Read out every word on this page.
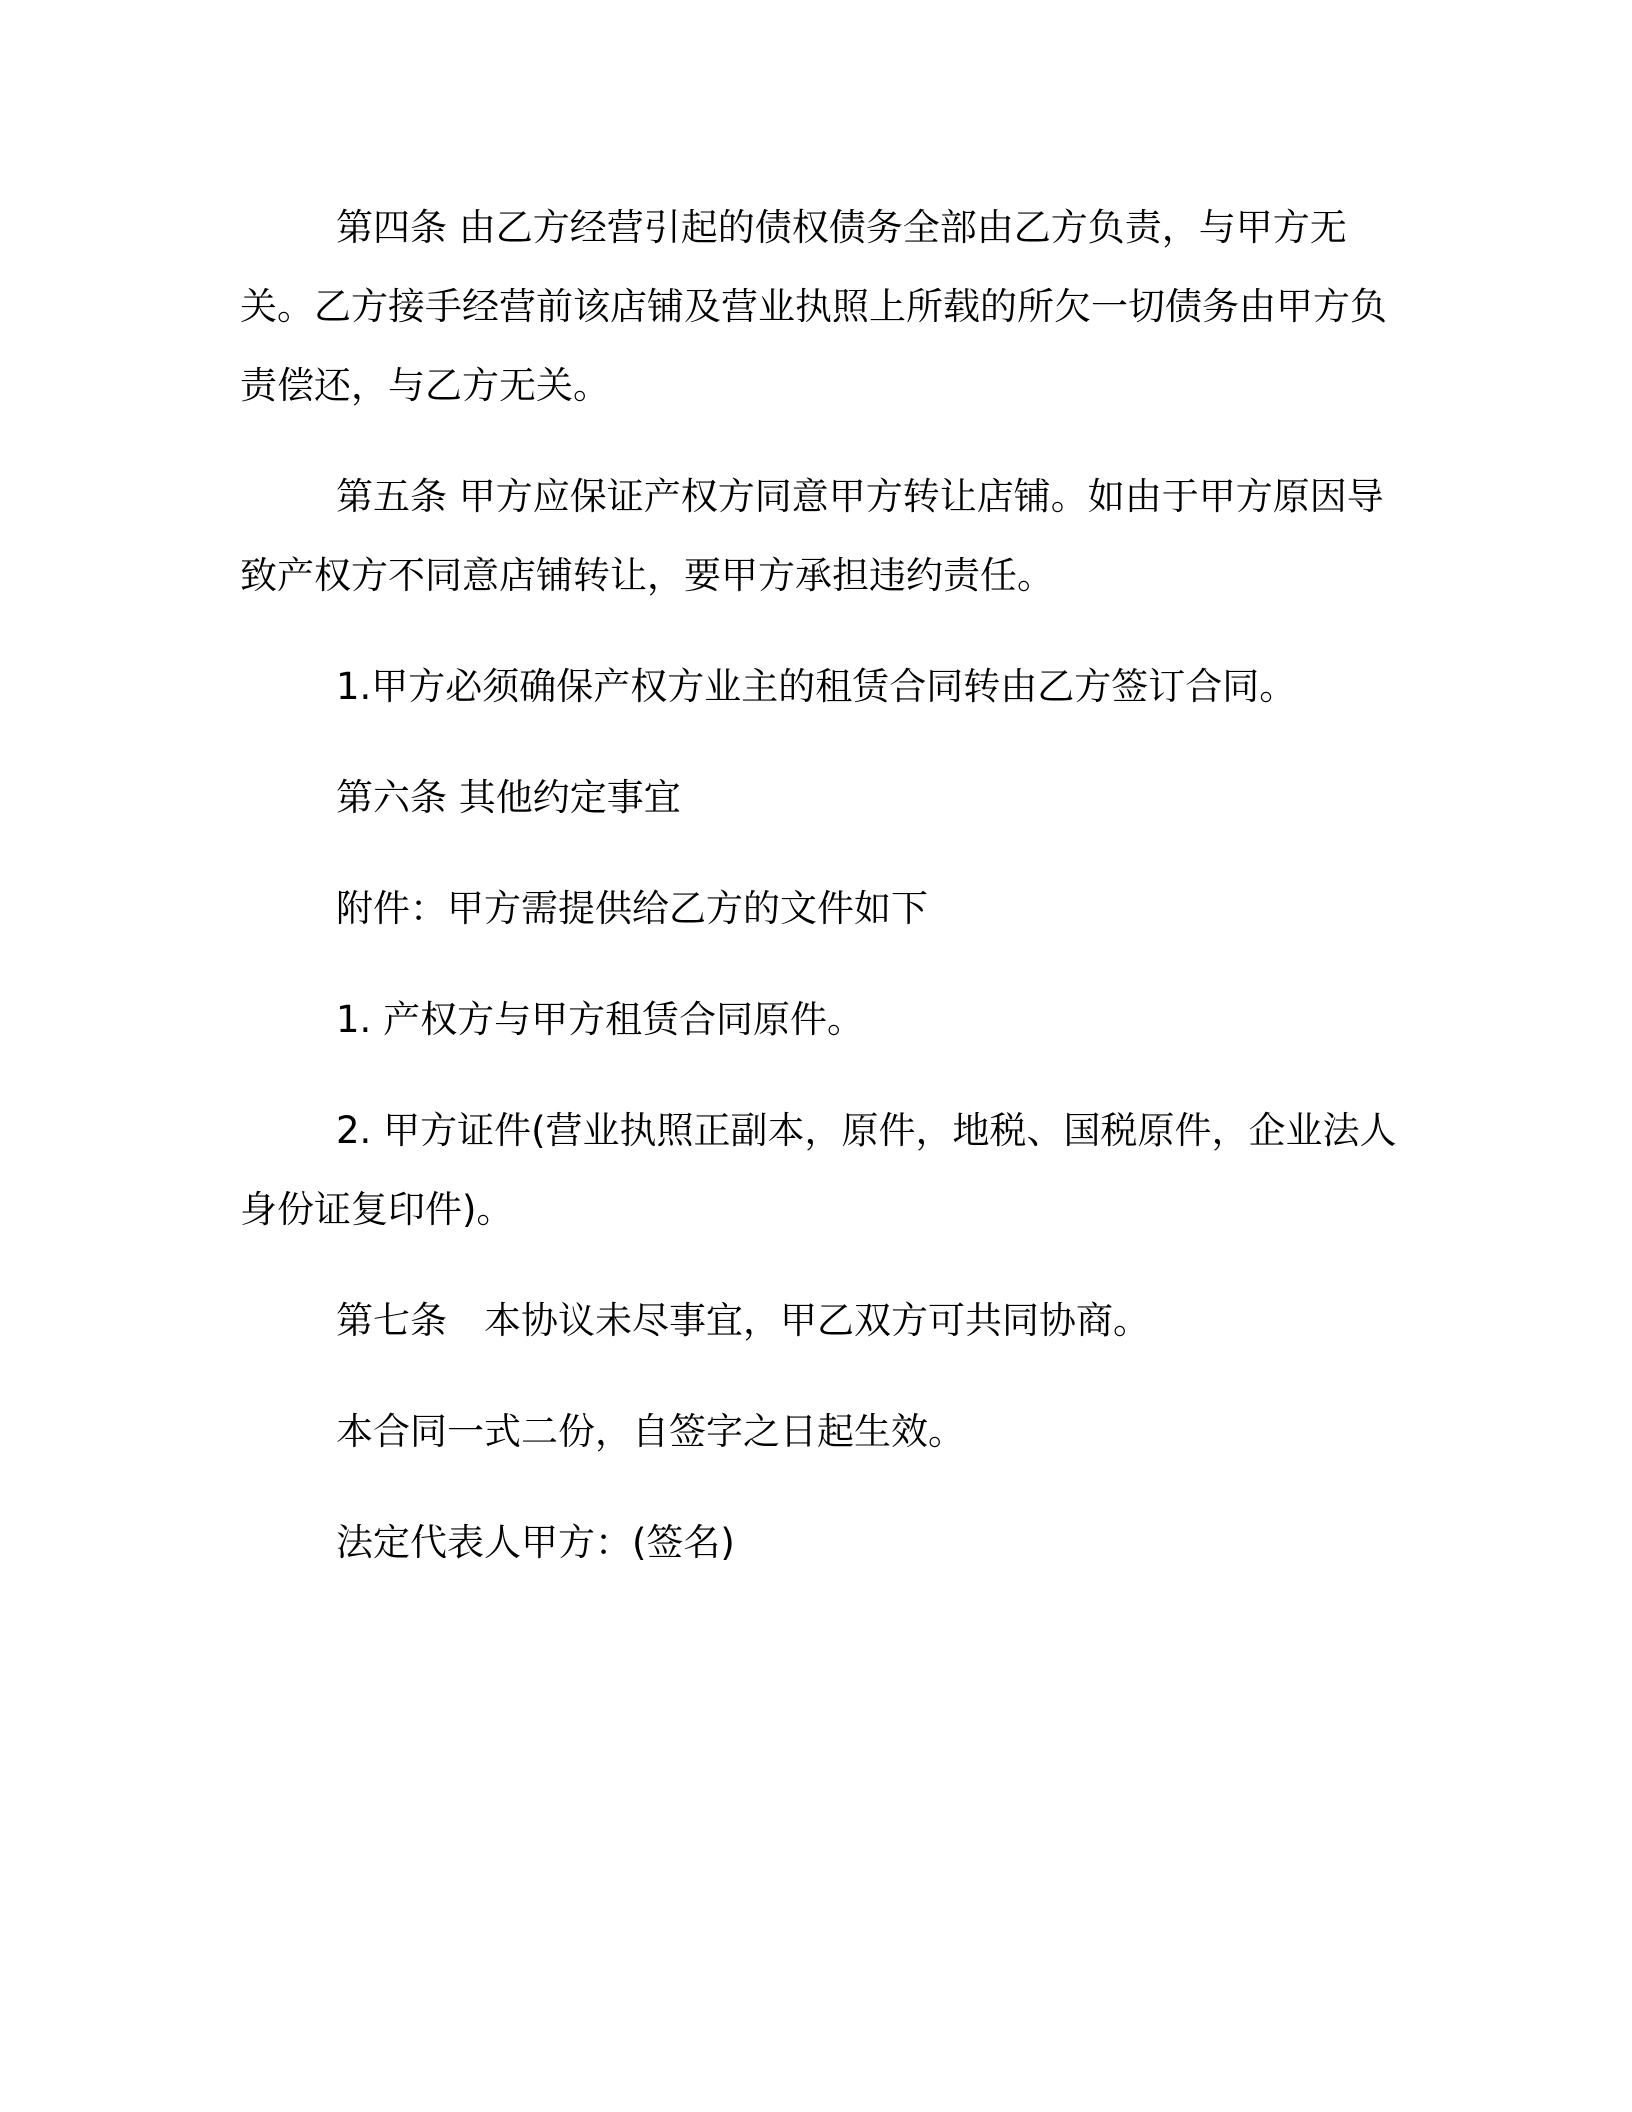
第四条 由乙方经营引起的债权债务全部由乙方负责，与甲方无关。乙方接手经营前该店铺及营业执照上所载的所欠一切债务由甲方负责偿还，与乙方无关。

第五条 甲方应保证产权方同意甲方转让店铺。如由于甲方原因导致产权方不同意店铺转让，要甲方承担违约责任。

1.甲方必须确保产权方业主的租赁合同转由乙方签订合同。

第六条 其他约定事宜

附件：甲方需提供给乙方的文件如下

1. 产权方与甲方租赁合同原件。

2. 甲方证件(营业执照正副本，原件，地税、国税原件，企业法人身份证复印件)。

第七条　本协议未尽事宜，甲乙双方可共同协商。

本合同一式二份，自签字之日起生效。

法定代表人甲方：(签名)
